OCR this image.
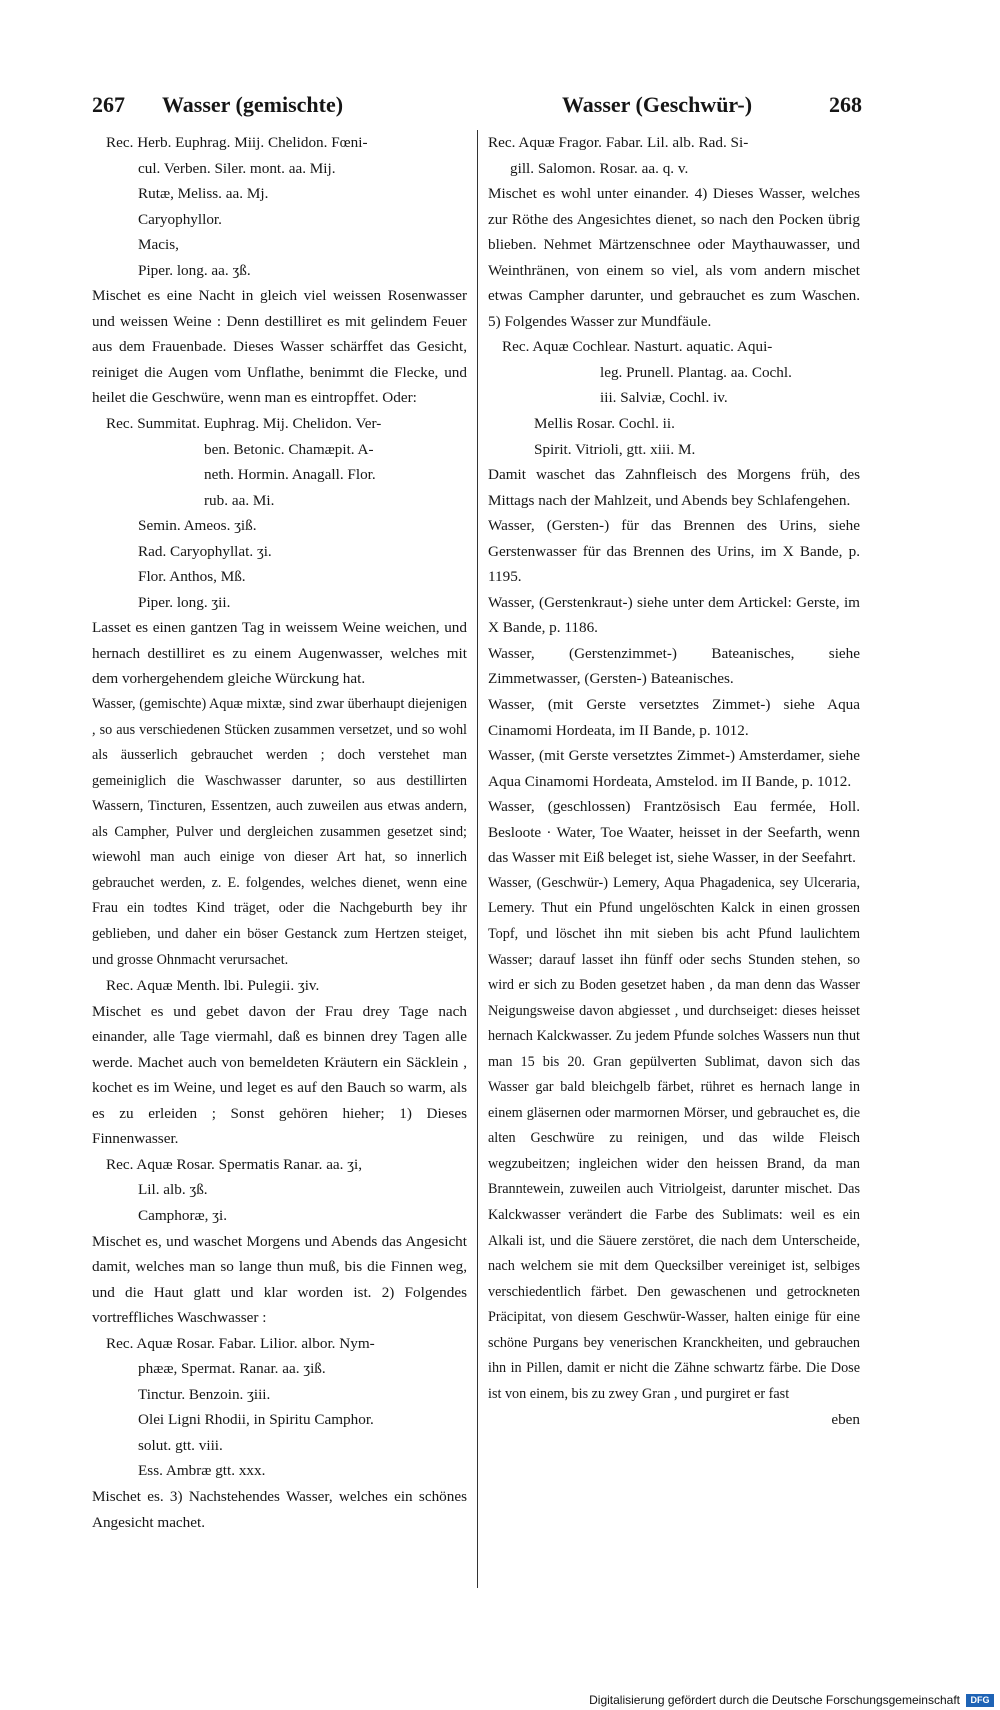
267 Wasser (gemischte)	Wasser (Geschwür-)	268
Rec. Herb. Euphrag. Miij. Chelidon. Fœni-
cul. Verben. Siler. mont. aa. Mij.
Rutæ, Meliss. aa. Mj.
Caryophyllor.
Macis,
Piper. long. aa. ʒß.

Mischet es eine Nacht in gleich viel weissen Rosenwasser und weissen Weine : Denn destilliret es mit gelindem Feuer aus dem Frauenbade. Dieses Wasser schärffet das Gesicht, reiniget die Augen vom Unflathe, benimmt die Flecke, und heilet die Geschwüre, wenn man es eintropffet. Oder:

Rec. Summitat. Euphrag. Mij. Chelidon. Ver-
ben. Betonic. Chamæpit. A-
neth. Hormin. Anagall. Flor.
rub. aa. Mi.
Semin. Ameos. ʒiß.
Rad. Caryophyllat. ʒi.
Flor. Anthos, Mß.
Piper. long. ʒii.

Lasset es einen gantzen Tag in weissem Weine weichen, und hernach destilliret es zu einem Augenwasser, welches mit dem vorhergehendem gleiche Würckung hat.

Wasser, (gemischte) Aquæ mixtæ, sind zwar überhaupt diejenigen , so aus verschiedenen Stücken zusammen versetzet, und so wohl als äusserlich gebrauchet werden ; doch verstehet man gemeiniglich die Waschwasser darunter, so aus destillirten Wassern, Tincturen, Essentzen, auch zuweilen aus etwas andern, als Campher, Pulver und dergleichen zusammen gesetzet sind; wiewohl man auch einige von dieser Art hat, so innerlich gebrauchet werden, z. E. folgendes, welches dienet, wenn eine Frau ein todtes Kind träget, oder die Nachgeburth bey ihr geblieben, und daher ein böser Gestanck zum Hertzen steiget, und grosse Ohnmacht verursachet.

Rec. Aquæ Menth. lbi. Pulegii. ʒiv.

Mischet es und gebet davon der Frau drey Tage nach einander, alle Tage viermahl, daß es binnen drey Tagen alle werde. Machet auch von bemeldeten Kräutern ein Säcklein , kochet es im Weine, und leget es auf den Bauch so warm, als es zu erleiden ; Sonst gehören hieher; 1) Dieses Finnenwasser.

Rec. Aquæ Rosar. Spermatis Ranar. aa. ʒi,
Lil. alb. ʒß.
Camphoræ, ʒi.

Mischet es, und waschet Morgens und Abends das Angesicht damit, welches man so lange thun muß, bis die Finnen weg, und die Haut glatt und klar worden ist. 2) Folgendes vortreffliches Waschwasser :

Rec. Aquæ Rosar. Fabar. Lilior. albor. Nym-
phææ, Spermat. Ranar. aa. ʒiß.
Tinctur. Benzoin. ʒiii.
Olei Ligni Rhodii, in Spiritu Camphor.
solut. gtt. viii.
Ess. Ambræ gtt. xxx.

Mischet es. 3) Nachstehendes Wasser, welches ein schönes Angesicht machet.

Rec. Aquæ Fragor. Fabar. Lil. alb. Rad. Si-
gill. Salomon. Rosar. aa. q. v.

Mischet es wohl unter einander. 4) Dieses Wasser, welches zur Röthe des Angesichtes dienet, so nach den Pocken übrig blieben. Nehmet Märtzenschnee oder Maythauwasser, und Weinthränen, von einem so viel, als vom andern mischet etwas Campher darunter, und gebrauchet es zum Waschen. 5) Folgendes Wasser zur Mundfäule.

Rec. Aquæ Cochlear. Nasturt. aquatic. Aqui-
leg. Prunell. Plantag. aa. Cochl.
iii. Salviæ, Cochl. iv.
Mellis Rosar. Cochl. ii.
Spirit. Vitrioli, gtt. xiii. M.

Damit waschet das Zahnfleisch des Morgens früh, des Mittags nach der Mahlzeit, und Abends bey Schlafengehen.

Wasser, (Gersten-) für das Brennen des Urins, siehe Gerstenwasser für das Brennen des Urins, im X Bande, p. 1195.

Wasser, (Gerstenkraut-) siehe unter dem Artickel: Gerste, im X Bande, p. 1186.

Wasser, (Gerstenzimmet-) Bateanisches, siehe Zimmetwasser, (Gersten-) Bateanisches.

Wasser, (mit Gerste versetztes Zimmet-) siehe Aqua Cinamomi Hordeata, im II Bande, p. 1012.

Wasser, (mit Gerste versetztes Zimmet-) Amsterdamer, siehe Aqua Cinamomi Hordeata, Amstelod. im II Bande, p. 1012.

Wasser, (geschlossen) Frantzösisch Eau fermée, Holl. Besloote · Water, Toe Waater, heisset in der Seefarth, wenn das Wasser mit Eiß beleget ist, siehe Wasser, in der Seefahrt.

Wasser, (Geschwür-) Lemery, Aqua Phagadenica, sey Ulceraria, Lemery. Thut ein Pfund ungelöschten Kalck in einen grossen Topf, und löschet ihn mit sieben bis acht Pfund laulichtem Wasser; darauf lasset ihn fünff oder sechs Stunden stehen, so wird er sich zu Boden gesetzet haben , da man denn das Wasser Neigungsweise davon abgiesset , und durchseiget: dieses heisset hernach Kalckwasser. Zu jedem Pfunde solches Wassers nun thut man 15 bis 20. Gran gepülverten Sublimat, davon sich das Wasser gar bald bleichgelb färbet, rühret es hernach lange in einem gläsernen oder marmornen Mörser, und gebrauchet es, die alten Geschwüre zu reinigen, und das wilde Fleisch wegzubeitzen; ingleichen wider den heissen Brand, da man Branntewein, zuweilen auch Vitriolgeist, darunter mischet. Das Kalckwasser verändert die Farbe des Sublimats: weil es ein Alkali ist, und die Säuere zerstöret, die nach dem Unterscheide, nach welchem sie mit dem Quecksilber vereiniget ist, selbiges verschiedentlich färbet. Den gewaschenen und getrockneten Präcipitat, von diesem Geschwür-Wasser, halten einige für eine schöne Purgans bey venerischen Kranckheiten, und gebrauchen ihn in Pillen, damit er nicht die Zähne schwartz färbe. Die Dose ist von einem, bis zu zwey Gran , und purgiret er fast

eben
Digitalisierung gefördert durch die Deutsche Forschungsgemeinschaft	DFG
